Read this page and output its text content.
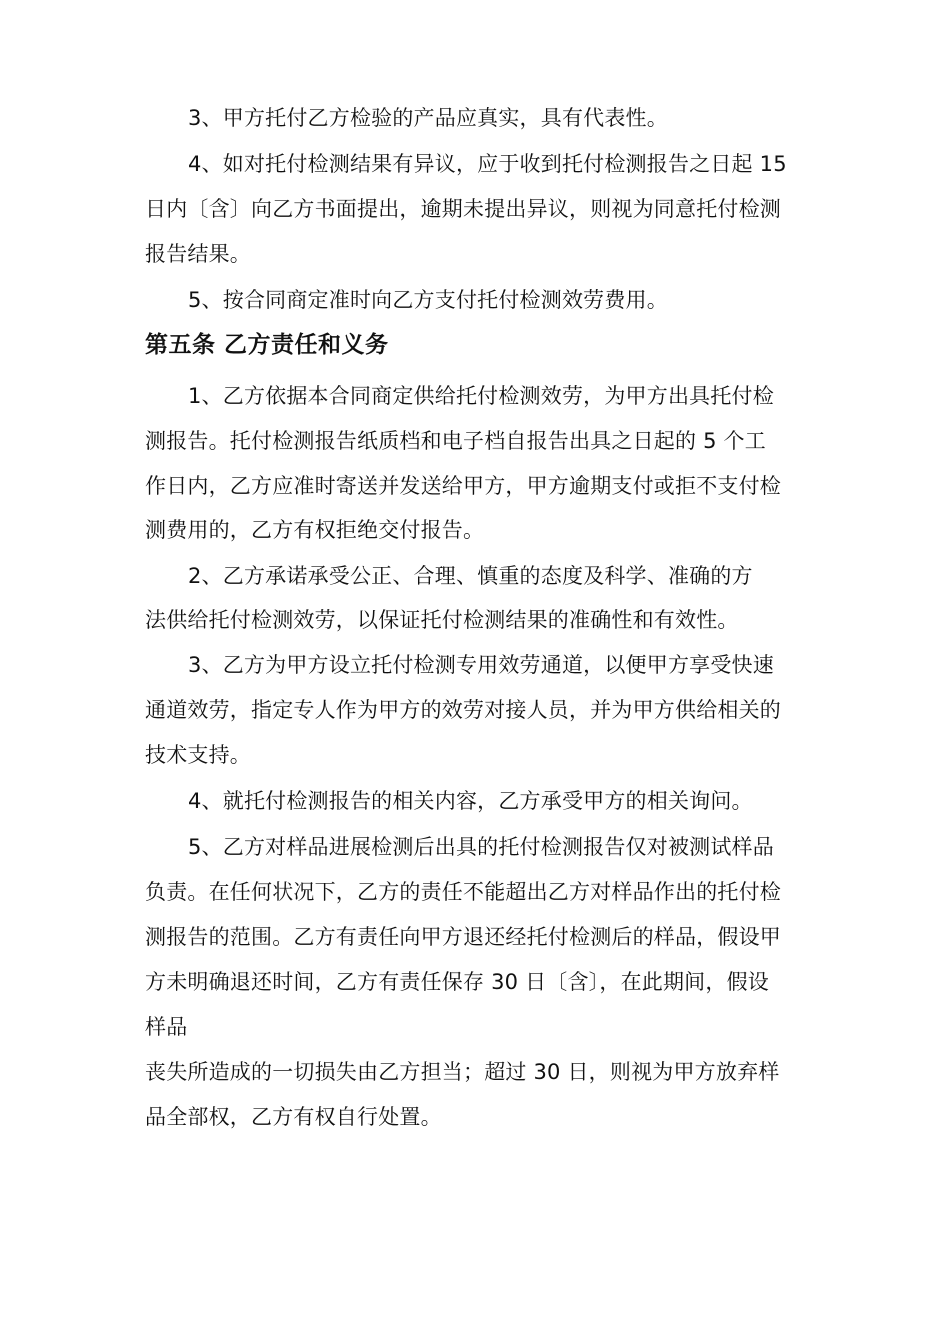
3、甲方托付乙方检验的产品应真实，具有代表性。
4、如对托付检测结果有异议，应于收到托付检测报告之日起 15
日内〔含〕向乙方书面提出，逾期未提出异议，则视为同意托付检测
报告结果。
5、按合同商定准时向乙方支付托付检测效劳费用。
第五条 乙方责任和义务
1、乙方依据本合同商定供给托付检测效劳，为甲方出具托付检
测报告。托付检测报告纸质档和电子档自报告出具之日起的 5 个工
作日内，乙方应准时寄送并发送给甲方，甲方逾期支付或拒不支付检
测费用的，乙方有权拒绝交付报告。
2、乙方承诺承受公正、合理、慎重的态度及科学、准确的方
法供给托付检测效劳，以保证托付检测结果的准确性和有效性。
3、乙方为甲方设立托付检测专用效劳通道，以便甲方享受快速
通道效劳，指定专人作为甲方的效劳对接人员，并为甲方供给相关的
技术支持。
4、就托付检测报告的相关内容，乙方承受甲方的相关询问。
5、乙方对样品进展检测后出具的托付检测报告仅对被测试样品
负责。在任何状况下，乙方的责任不能超出乙方对样品作出的托付检
测报告的范围。乙方有责任向甲方退还经托付检测后的样品，假设甲
方未明确退还时间，乙方有责任保存 30 日〔含〕，在此期间，假设
样品
丧失所造成的一切损失由乙方担当；超过 30 日，则视为甲方放弃样
品全部权，乙方有权自行处置。
